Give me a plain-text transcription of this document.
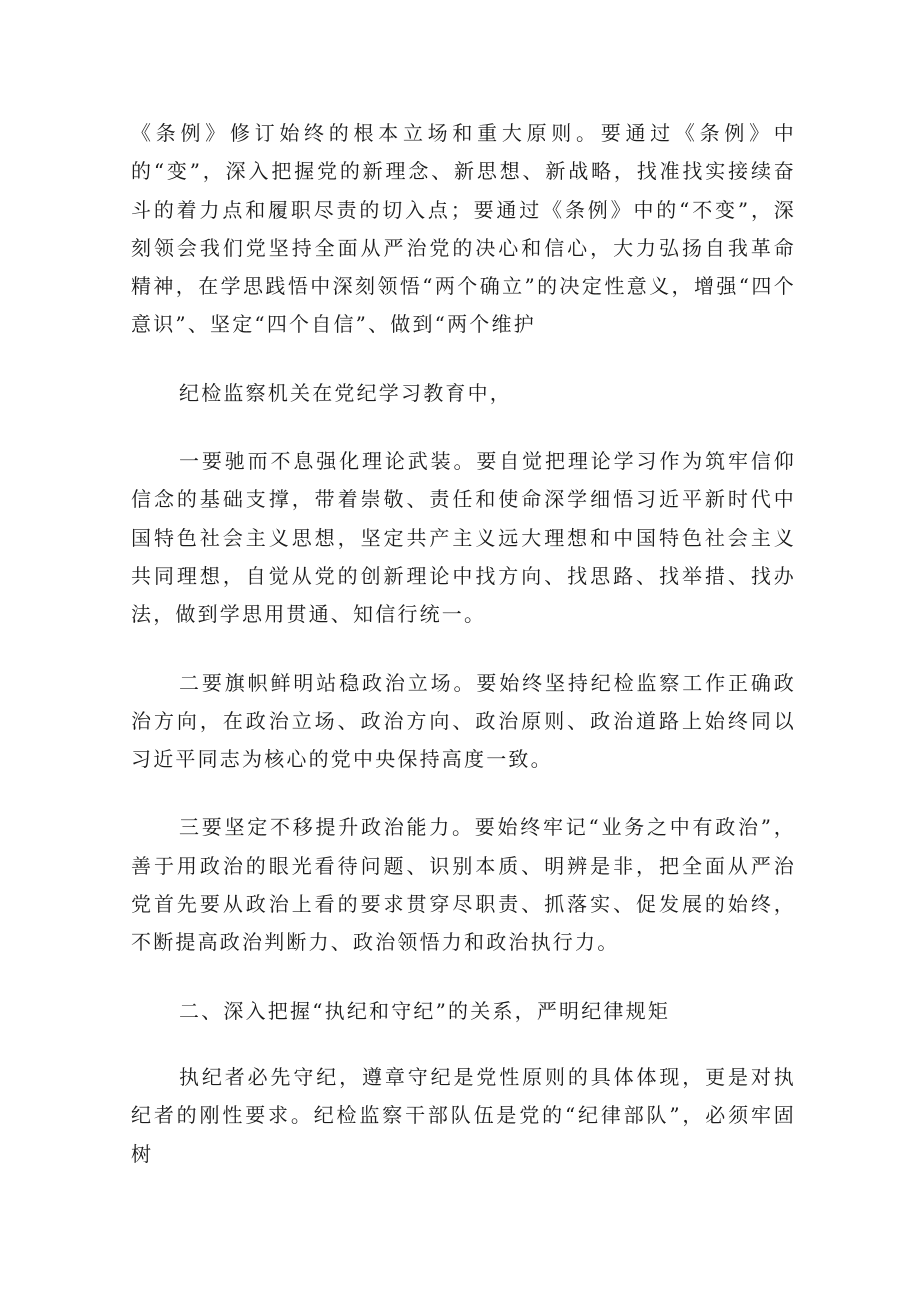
《条例》修订始终的根本立场和重大原则。要通过《条例》中的“变”，深入把握党的新理念、新思想、新战略，找准找实接续奋斗的着力点和履职尽责的切入点；要通过《条例》中的“不变”，深刻领会我们党坚持全面从严治党的决心和信心，大力弘扬自我革命精神，在学思践悟中深刻领悟“两个确立”的决定性意义，增强“四个意识”、坚定“四个自信”、做到“两个维护

纪检监察机关在党纪学习教育中，

一要驰而不息强化理论武装。要自觉把理论学习作为筑牢信仰信念的基础支撑，带着崇敬、责任和使命深学细悟习近平新时代中国特色社会主义思想，坚定共产主义远大理想和中国特色社会主义共同理想，自觉从党的创新理论中找方向、找思路、找举措、找办法，做到学思用贯通、知信行统一。

二要旗帜鲜明站稳政治立场。要始终坚持纪检监察工作正确政治方向，在政治立场、政治方向、政治原则、政治道路上始终同以习近平同志为核心的党中央保持高度一致。

三要坚定不移提升政治能力。要始终牢记“业务之中有政治”，善于用政治的眼光看待问题、识别本质、明辨是非，把全面从严治党首先要从政治上看的要求贯穿尽职责、抓落实、促发展的始终，不断提高政治判断力、政治领悟力和政治执行力。

二、深入把握“执纪和守纪”的关系，严明纪律规矩

执纪者必先守纪，遵章守纪是党性原则的具体体现，更是对执纪者的刚性要求。纪检监察干部队伍是党的“纪律部队”，必须牢固树
